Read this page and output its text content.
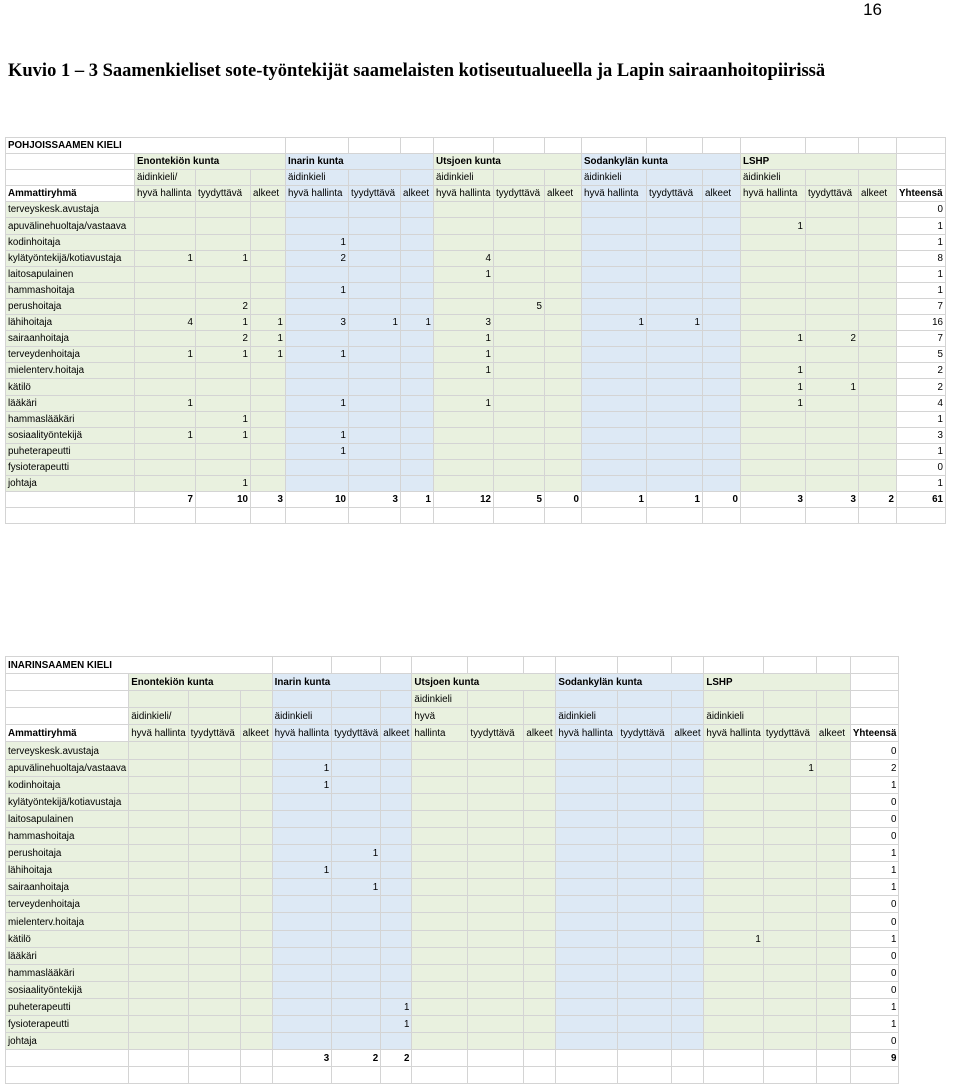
16
Kuvio 1 – 3 Saamenkieliset sote-työntekijät saamelaisten kotiseutualueella ja Lapin sairaanhoitopiirissä
POHJOISSAAMEN KIELI																
	Enontekiön kunta			Inarin kunta			Utsjoen kunta			Sodankylän kunta			LSHP			
	äidinkieli/			äidinkieli			äidinkieli			äidinkieli			äidinkieli			
Ammattiryhmä	hyvä hallinta	tyydyttävä	alkeet	hyvä hallinta	tyydyttävä	alkeet	hyvä hallinta	tyydyttävä	alkeet	hyvä hallinta	tyydyttävä	alkeet	hyvä hallinta	tyydyttävä	alkeet	Yhteensä
terveyskesk.avustaja																0
apuvälinehuoltaja/vastaava													1			1
kodinhoitaja				1												1
kylätyöntekijä/kotiavustaja	1	1		2			4									8
laitosapulainen							1									1
hammashoitaja				1												1
perushoitaja		2						5								7
lähihoitaja	4	1	1	3	1	1	3			1	1					16
sairaanhoitaja		2	1				1						1	2		7
terveydenhoitaja	1	1	1	1			1									5
mielenterv.hoitaja							1						1			2
kätilö													1	1		2
lääkäri	1			1			1						1			4
hammaslääkäri		1														1
sosiaalityöntekijä	1	1		1												3
puheterapeutti				1												1
fysioterapeutti																0
johtaja		1														1
	7	10	3	10	3	1	12	5	0	1	1	0	3	3	2	61

INARINSAAMEN KIELI																
	Enontekiön kunta			Inarin kunta			Utsjoen kunta			Sodankylän kunta			LSHP			
							äidinkieli									
	äidinkieli/			äidinkieli			hyvä			äidinkieli			äidinkieli			
Ammattiryhmä	hyvä hallinta	tyydyttävä	alkeet	hyvä hallinta	tyydyttävä	alkeet	hallinta	tyydyttävä	alkeet	hyvä hallinta	tyydyttävä	alkeet	hyvä hallinta	tyydyttävä	alkeet	Yhteensä
terveyskesk.avustaja																0
apuvälinehuoltaja/vastaava				1										1		2
kodinhoitaja				1												1
kylätyöntekijä/kotiavustaja																0
laitosapulainen																0
hammashoitaja																0
perushoitaja					1											1
lähihoitaja				1												1
sairaanhoitaja					1											1
terveydenhoitaja																0
mielenterv.hoitaja																0
kätilö													1			1
lääkäri																0
hammaslääkäri																0
sosiaalityöntekijä																0
puheterapeutti						1										1
fysioterapeutti						1										1
johtaja																0
				3	2	2										9
